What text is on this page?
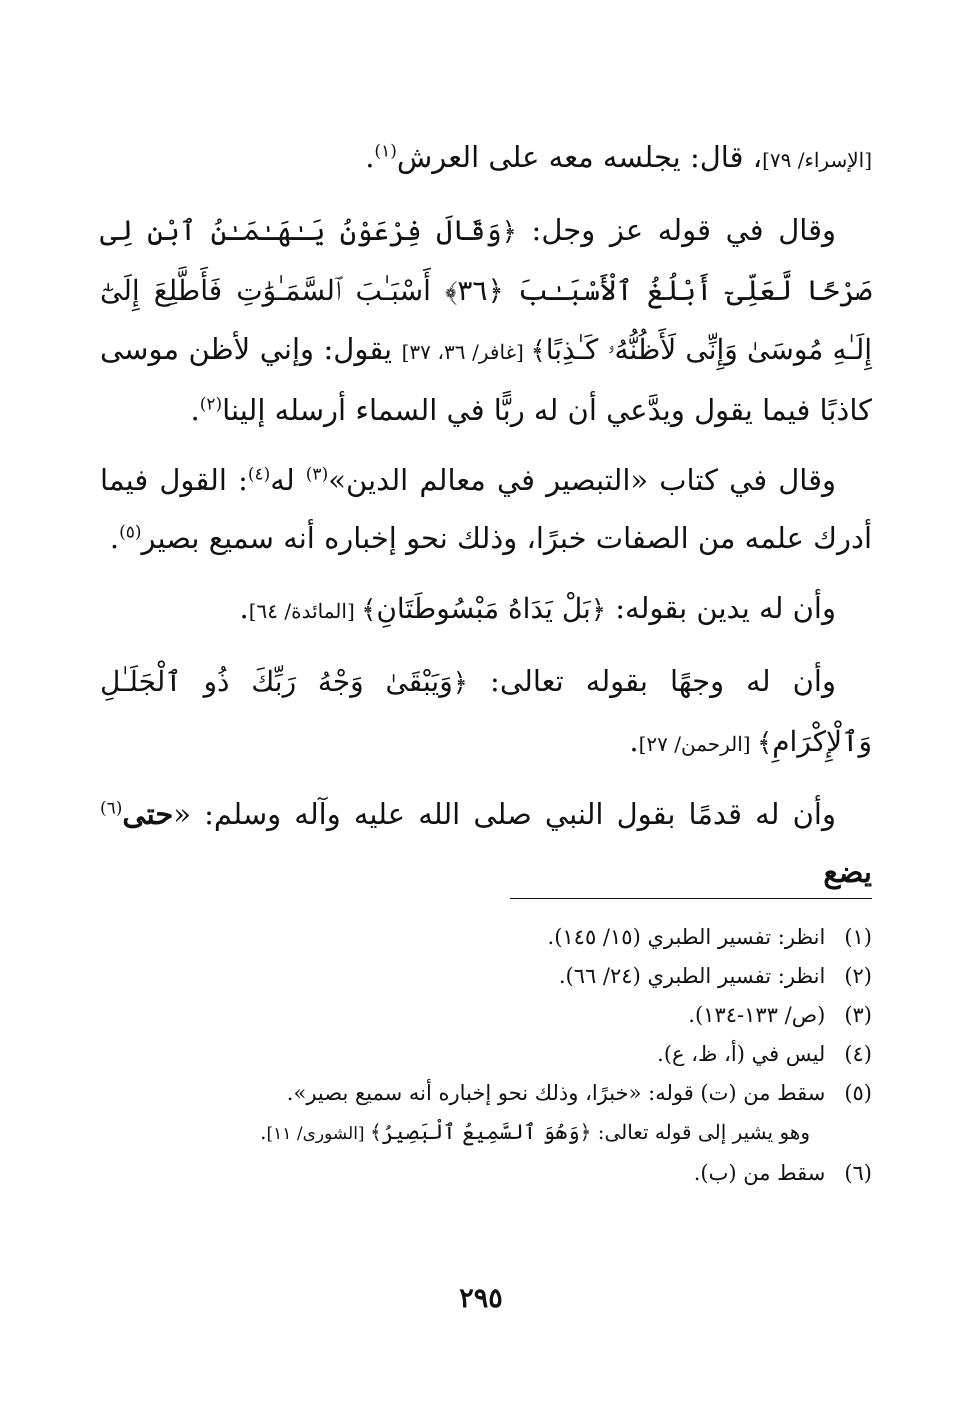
[الإسراء/ ٧٩]، قال: يجلسه معه على العرش$^{(١)}$.

وقال في قوله عز وجل: ﴿وَقَالَ فِرْعَوْنُ يَـٰهَـٰمَـٰنُ ٱبْنِ لِى صَرْحًا لَّعَلِّىٓ أَبْلُغُ ٱلْأَسْبَـٰبَ ﴿٣٦﴾ أَسْبَـٰبَ ٱلسَّمَـٰوَٰتِ فَأَطَّلِعَ إِلَىٰٓ إِلَـٰهِ مُوسَىٰ وَإِنِّى لَأَظُنُّهُۥ كَـٰذِبًا﴾ [غافر/ ٣٦، ٣٧] يقول: وإني لأظن موسى كاذبًا فيما يقول ويدَّعي أن له ربًّا في السماء أرسله إلينا$^{(٢)}$.

وقال في كتاب «التبصير في معالم الدين»$^{(٣)}$ له$^{(٤)}$: القول فيما أدرك علمه من الصفات خبرًا، وذلك نحو إخباره أنه سميع بصير$^{(٥)}$.

وأن له يدين بقوله: ﴿بَلْ يَدَاهُ مَبْسُوطَتَانِ﴾ [المائدة/ ٦٤].

وأن له وجهًا بقوله تعالى: ﴿وَيَبْقَىٰ وَجْهُ رَبِّكَ ذُو ٱلْجَلَـٰلِ وَٱلْإِكْرَامِ﴾ [الرحمن/ ٢٧].

وأن له قدمًا بقول النبي صلى الله عليه وآله وسلم: «حتى$^{(٦)}$ يضع

(١) انظر: تفسير الطبري (١٥/ ١٤٥).

(٢) انظر: تفسير الطبري (٢٤/ ٦٦).

(٣) (ص/ ١٣٣-١٣٤).

(٤) ليس في (أ، ظ، ع).

(٥) سقط من (ت) قوله: «خبرًا، وذلك نحو إخباره أنه سميع بصير».

وهو يشير إلى قوله تعالى: ﴿وَهُوَ ٱلسَّمِيعُ ٱلْبَصِيرُ﴾ [الشورى/ ١١].

(٦) سقط من (ب).

٢٩٥
